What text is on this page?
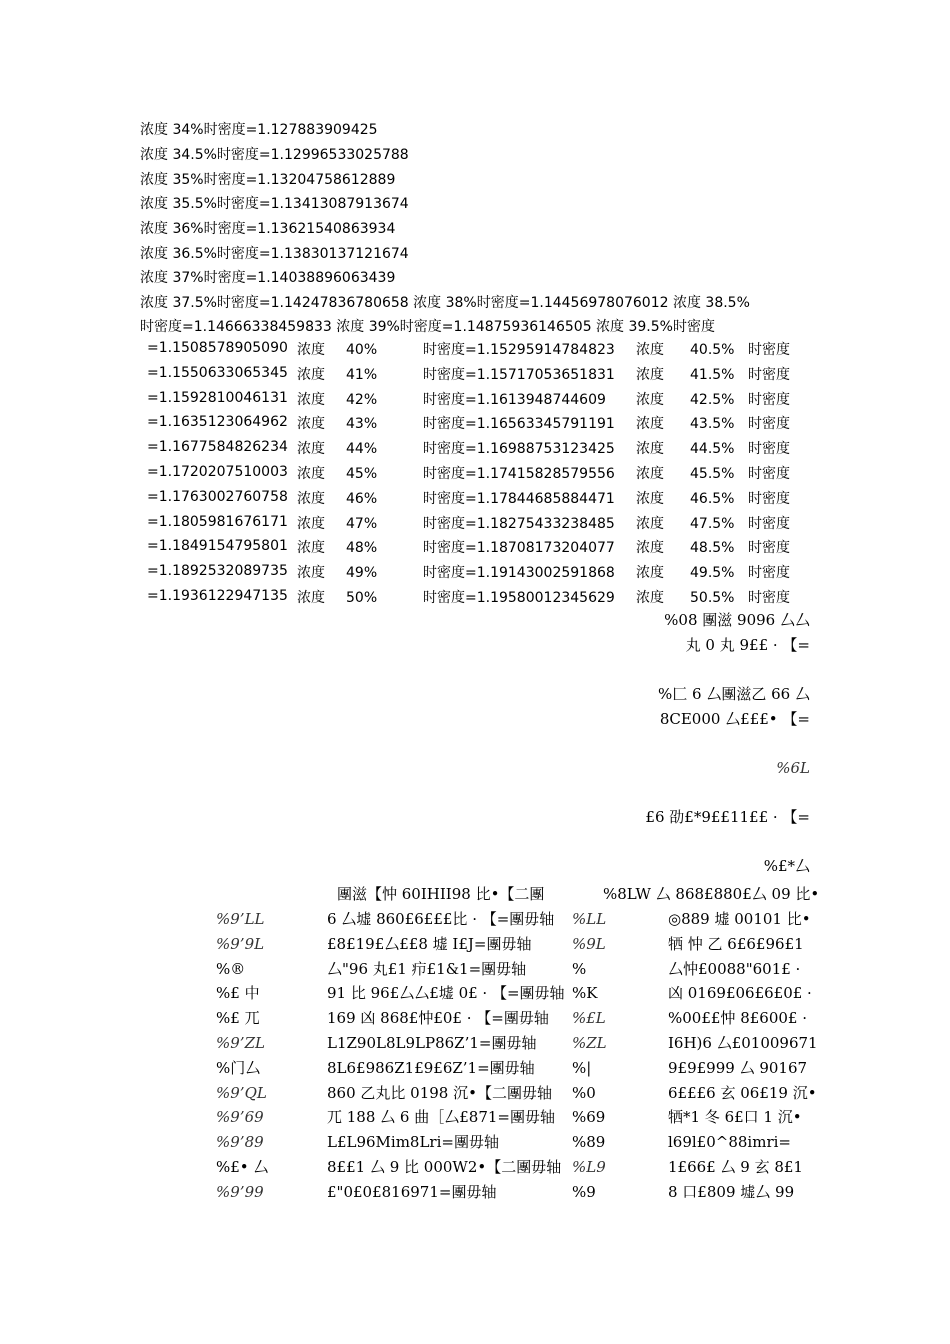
浓度 34%时密度=1.127883909425
浓度 34.5%时密度=1.12996533025788
浓度 35%时密度=1.13204758612889
浓度 35.5%时密度=1.13413087913674
浓度 36%时密度=1.13621540863934
浓度 36.5%时密度=1.13830137121674
浓度 37%时密度=1.14038896063439
浓度 37.5%时密度=1.14247836780658 浓度 38%时密度=1.14456978076012 浓度 38.5%
时密度=1.14666338459833 浓度 39%时密度=1.14875936146505 浓度 39.5%时密度
=1.1508578905090 浓度 40%	时密度=1.15295914784823 浓度 40.5% 时密度
=1.1550633065345 浓度 41%	时密度=1.15717053651831 浓度 41.5% 时密度
=1.1592810046131 浓度 42%	时密度=1.1613948744609 浓度 42.5% 时密度
=1.1635123064962 浓度 43%	时密度=1.16563345791191 浓度 43.5% 时密度
=1.1677584826234 浓度 44%	时密度=1.16988753123425 浓度 44.5% 时密度
=1.1720207510003 浓度 45%	时密度=1.17415828579556 浓度 45.5% 时密度
=1.1763002760758 浓度 46%	时密度=1.17844685884471 浓度 46.5% 时密度
=1.1805981676171 浓度 47%	时密度=1.18275433238485 浓度 47.5% 时密度
=1.1849154795801 浓度 48%	时密度=1.18708173204077 浓度 48.5% 时密度
=1.1892532089735 浓度 49%	时密度=1.19143002591868 浓度 49.5% 时密度
=1.1936122947135 浓度 50%	时密度=1.19580012345629 浓度 50.5% 时密度
%08 團滋 9096 厶厶
丸 0 丸 9££ · 【=
%匚 6 厶團滋乙 66 厶
8CE000 厶£££• 【=
%6L
£6 劭£*9££11££ · 【=
%£*厶
團滋【忡 60IHII98 比•【二團	%8LW 厶 868£880£厶 09 比•
%9’LL	6 厶墟 860£6£££比 · 【=團毋轴 %LL	◎889 墟 00101 比•
%9’9L	£8£19£厶££8 墟 I£J=團毋轴	%9L	牺 忡 乙 6£6£96£1
%®	厶"96 丸£1 疖£1&1=團毋轴	%	厶忡£0088"601£ ·
%£ 中	91 比 96£厶厶£墟 0£ · 【=團毋轴 %K	凶 0169£06£6£0£ ·
%£ 兀	169 凶 868£忡£0£ · 【=團毋轴 %£L	%00££忡 8£600£ ·
%9’ZL	L1Z90L8L9LP86Z’1=團毋轴 %ZL	I6H)6 厶£01009671
%门厶	8L6£986Z1£9£6Z’1=團毋轴 %|	9£9£999 厶 90167
%9’QL	860 乙丸比 0198 沉•【二團毋轴 %0	6£££6 玄 06£19 沉•
%9’69	兀 188 厶 6 曲［厶£871=團毋轴 %69	牺*1 冬 6£口 1 沉•
%9’89	L£L96Mim8Lri=團毋轴	%89	l69l£0^88imri=
%£• 厶	8££1 厶 9 比 000W2•【二團毋轴 %L9	1£66£ 厶 9 玄 8£1
%9’99	£"0£0£816971=團毋轴	%9	8 口£809 墟厶 99
